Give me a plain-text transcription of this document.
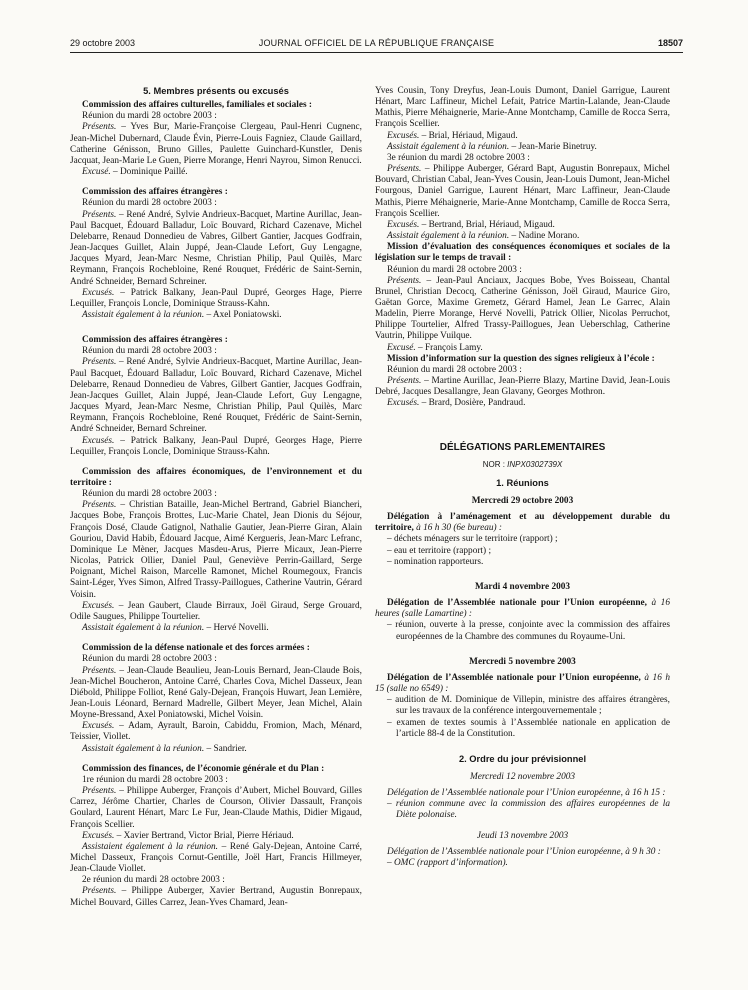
29 octobre 2003	JOURNAL OFFICIEL DE LA RÉPUBLIQUE FRANÇAISE	18507

5. Membres présents ou excusés

Commission des affaires culturelles, familiales et sociales :

Réunion du mardi 28 octobre 2003 :

Présents. – Yves Bur, Marie-Françoise Clergeau, Paul-Henri Cugnenc, Jean-Michel Dubernard, Claude Évin, Pierre-Louis Fagniez, Claude Gaillard, Catherine Génisson, Bruno Gilles, Paulette Guinchard-Kunstler, Denis Jacquat, Jean-Marie Le Guen, Pierre Morange, Henri Nayrou, Simon Renucci.

Excusé. – Dominique Paillé.

Commission des affaires étrangères :

Réunion du mardi 28 octobre 2003 :

Présents. – René André, Sylvie Andrieux-Bacquet, Martine Aurillac, Jean-Paul Bacquet, Édouard Balladur, Loïc Bouvard, Richard Cazenave, Michel Delebarre, Renaud Donnedieu de Vabres, Gilbert Gantier, Jacques Godfrain, Jean-Jacques Guillet, Alain Juppé, Jean-Claude Lefort, Guy Lengagne, Jacques Myard, Jean-Marc Nesme, Christian Philip, Paul Quilès, Marc Reymann, François Rochebloine, René Rouquet, Frédéric de Saint-Sernin, André Schneider, Bernard Schreiner.

Excusés. – Patrick Balkany, Jean-Paul Dupré, Georges Hage, Pierre Lequiller, François Loncle, Dominique Strauss-Kahn.

Assistait également à la réunion. – Axel Poniatowski.

Commission des affaires étrangères :

Réunion du mardi 28 octobre 2003 :

Présents. – René André, Sylvie Andrieux-Bacquet, Martine Aurillac, Jean-Paul Bacquet, Édouard Balladur, Loïc Bouvard, Richard Cazenave, Michel Delebarre, Renaud Donnedieu de Vabres, Gilbert Gantier, Jacques Godfrain, Jean-Jacques Guillet, Alain Juppé, Jean-Claude Lefort, Guy Lengagne, Jacques Myard, Jean-Marc Nesme, Christian Philip, Paul Quilès, Marc Reymann, François Rochebloine, René Rouquet, Frédéric de Saint-Sernin, André Schneider, Bernard Schreiner.

Excusés. – Patrick Balkany, Jean-Paul Dupré, Georges Hage, Pierre Lequiller, François Loncle, Dominique Strauss-Kahn.

Commission des affaires économiques, de l’environnement et du territoire :

Réunion du mardi 28 octobre 2003 :

Présents. – Christian Bataille, Jean-Michel Bertrand, Gabriel Biancheri, Jacques Bobe, François Brottes, Luc-Marie Chatel, Jean Dionis du Séjour, François Dosé, Claude Gatignol, Nathalie Gautier, Jean-Pierre Giran, Alain Gouriou, David Habib, Édouard Jacque, Aimé Kergueris, Jean-Marc Lefranc, Dominique Le Mèner, Jacques Masdeu-Arus, Pierre Micaux, Jean-Pierre Nicolas, Patrick Ollier, Daniel Paul, Geneviève Perrin-Gaillard, Serge Poignant, Michel Raison, Marcelle Ramonet, Michel Roumegoux, Francis Saint-Léger, Yves Simon, Alfred Trassy-Paillogues, Catherine Vautrin, Gérard Voisin.

Excusés. – Jean Gaubert, Claude Birraux, Joël Giraud, Serge Grouard, Odile Saugues, Philippe Tourtelier.

Assistait également à la réunion. – Hervé Novelli.

Commission de la défense nationale et des forces armées :

Réunion du mardi 28 octobre 2003 :

Présents. – Jean-Claude Beaulieu, Jean-Louis Bernard, Jean-Claude Bois, Jean-Michel Boucheron, Antoine Carré, Charles Cova, Michel Dasseux, Jean Diébold, Philippe Folliot, René Galy-Dejean, François Huwart, Jean Lemière, Jean-Louis Léonard, Bernard Madrelle, Gilbert Meyer, Jean Michel, Alain Moyne-Bressand, Axel Poniatowski, Michel Voisin.

Excusés. – Adam, Ayrault, Baroin, Cabiddu, Fromion, Mach, Ménard, Teissier, Viollet.

Assistait également à la réunion. – Sandrier.

Commission des finances, de l’économie générale et du Plan :

1re réunion du mardi 28 octobre 2003 :

Présents. – Philippe Auberger, François d’Aubert, Michel Bouvard, Gilles Carrez, Jérôme Chartier, Charles de Courson, Olivier Dassault, François Goulard, Laurent Hénart, Marc Le Fur, Jean-Claude Mathis, Didier Migaud, François Scellier.

Excusés. – Xavier Bertrand, Victor Brial, Pierre Hériaud.

Assistaient également à la réunion. – René Galy-Dejean, Antoine Carré, Michel Dasseux, François Cornut-Gentille, Joël Hart, Francis Hillmeyer, Jean-Claude Viollet.

2e réunion du mardi 28 octobre 2003 :

Présents. – Philippe Auberger, Xavier Bertrand, Augustin Bonrepaux, Michel Bouvard, Gilles Carrez, Jean-Yves Chamard, Jean-

Yves Cousin, Tony Dreyfus, Jean-Louis Dumont, Daniel Garrigue, Laurent Hénart, Marc Laffineur, Michel Lefait, Patrice Martin-Lalande, Jean-Claude Mathis, Pierre Méhaignerie, Marie-Anne Montchamp, Camille de Rocca Serra, François Scellier.

Excusés. – Brial, Hériaud, Migaud.

Assistait également à la réunion. – Jean-Marie Binetruy.

3e réunion du mardi 28 octobre 2003 :

Présents. – Philippe Auberger, Gérard Bapt, Augustin Bonrepaux, Michel Bouvard, Christian Cabal, Jean-Yves Cousin, Jean-Louis Dumont, Jean-Michel Fourgous, Daniel Garrigue, Laurent Hénart, Marc Laffineur, Jean-Claude Mathis, Pierre Méhaignerie, Marie-Anne Montchamp, Camille de Rocca Serra, François Scellier.

Excusés. – Bertrand, Brial, Hériaud, Migaud.

Assistait également à la réunion. – Nadine Morano.

Mission d’évaluation des conséquences économiques et sociales de la législation sur le temps de travail :

Réunion du mardi 28 octobre 2003 :

Présents. – Jean-Paul Anciaux, Jacques Bobe, Yves Boisseau, Chantal Brunel, Christian Decocq, Catherine Génisson, Joël Giraud, Maurice Giro, Gaëtan Gorce, Maxime Gremetz, Gérard Hamel, Jean Le Garrec, Alain Madelin, Pierre Morange, Hervé Novelli, Patrick Ollier, Nicolas Perruchot, Philippe Tourtelier, Alfred Trassy-Paillogues, Jean Ueberschlag, Catherine Vautrin, Philippe Vuilque.

Excusé. – François Lamy.

Mission d’information sur la question des signes religieux à l’école :

Réunion du mardi 28 octobre 2003 :

Présents. – Martine Aurillac, Jean-Pierre Blazy, Martine David, Jean-Louis Debré, Jacques Desallangre, Jean Glavany, Georges Mothron.

Excusés. – Brard, Dosière, Pandraud.

DÉLÉGATIONS PARLEMENTAIRES

NOR : INPX0302739X

1. Réunions

Mercredi 29 octobre 2003

Délégation à l’aménagement et au développement durable du territoire, à 16 h 30 (6e bureau) :

– déchets ménagers sur le territoire (rapport) ;
– eau et territoire (rapport) ;
– nomination rapporteurs.

Mardi 4 novembre 2003

Délégation de l’Assemblée nationale pour l’Union européenne, à 16 heures (salle Lamartine) :

– réunion, ouverte à la presse, conjointe avec la commission des affaires européennes de la Chambre des communes du Royaume-Uni.

Mercredi 5 novembre 2003

Délégation de l’Assemblée nationale pour l’Union européenne, à 16 h 15 (salle no 6549) :

– audition de M. Dominique de Villepin, ministre des affaires étrangères, sur les travaux de la conférence intergouvernementale ;
– examen de textes soumis à l’Assemblée nationale en application de l’article 88-4 de la Constitution.

2. Ordre du jour prévisionnel

Mercredi 12 novembre 2003

Délégation de l’Assemblée nationale pour l’Union européenne, à 16 h 15 :

– réunion commune avec la commission des affaires européennes de la Diète polonaise.

Jeudi 13 novembre 2003

Délégation de l’Assemblée nationale pour l’Union européenne, à 9 h 30 :

– OMC (rapport d’information).
